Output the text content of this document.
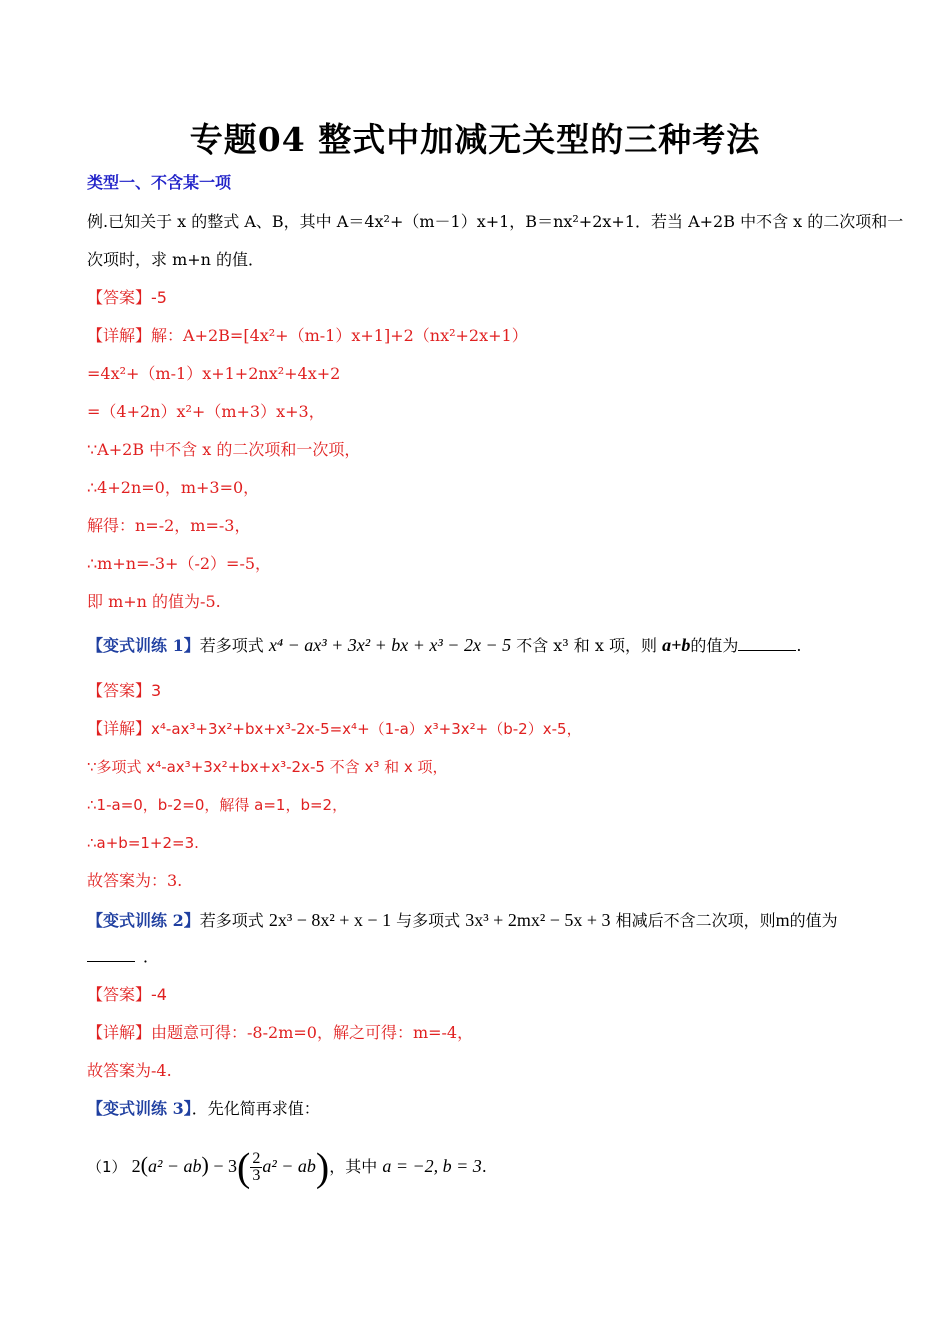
专题04 整式中加减无关型的三种考法
类型一、不含某一项
例.已知关于 x 的整式 A、B，其中 A＝4x²+（m－1）x+1，B＝nx²+2x+1．若当 A+2B 中不含 x 的二次项和一
次项时，求 m+n 的值．
【答案】-5
【详解】解：A+2B=[4x²+（m-1）x+1]+2（nx²+2x+1）
=4x²+（m-1）x+1+2nx²+4x+2
=（4+2n）x²+（m+3）x+3，
∵A+2B 中不含 x 的二次项和一次项，
∴4+2n=0，m+3=0，
解得：n=-2，m=-3，
∴m+n=-3+（-2）=-5，
即 m+n 的值为-5.
【变式训练 1】若多项式 x⁴ − ax³ + 3x² + bx + x³ − 2x − 5 不含 x³ 和 x 项，则 a+b的值为	.
【答案】3
【详解】x⁴-ax³+3x²+bx+x³-2x-5=x⁴+（1-a）x³+3x²+（b-2）x-5，
∵多项式 x⁴-ax³+3x²+bx+x³-2x-5 不含 x³ 和 x 项，
∴1-a=0，b-2=0，解得 a=1，b=2，
∴a+b=1+2=3.
故答案为：3.
【变式训练 2】若多项式 2x³ − 8x² + x − 1 与多项式 3x³ + 2mx² − 5x + 3 相减后不含二次项，则m的值为
．
【答案】-4
【详解】由题意可得：-8-2m=0，解之可得：m=-4，
故答案为-4.
【变式训练 3】．先化简再求值：
（1） $2(a^2 - ab) - 3( \frac{2}{3} a^2 - ab)$，其中 a = −2, b = 3.
